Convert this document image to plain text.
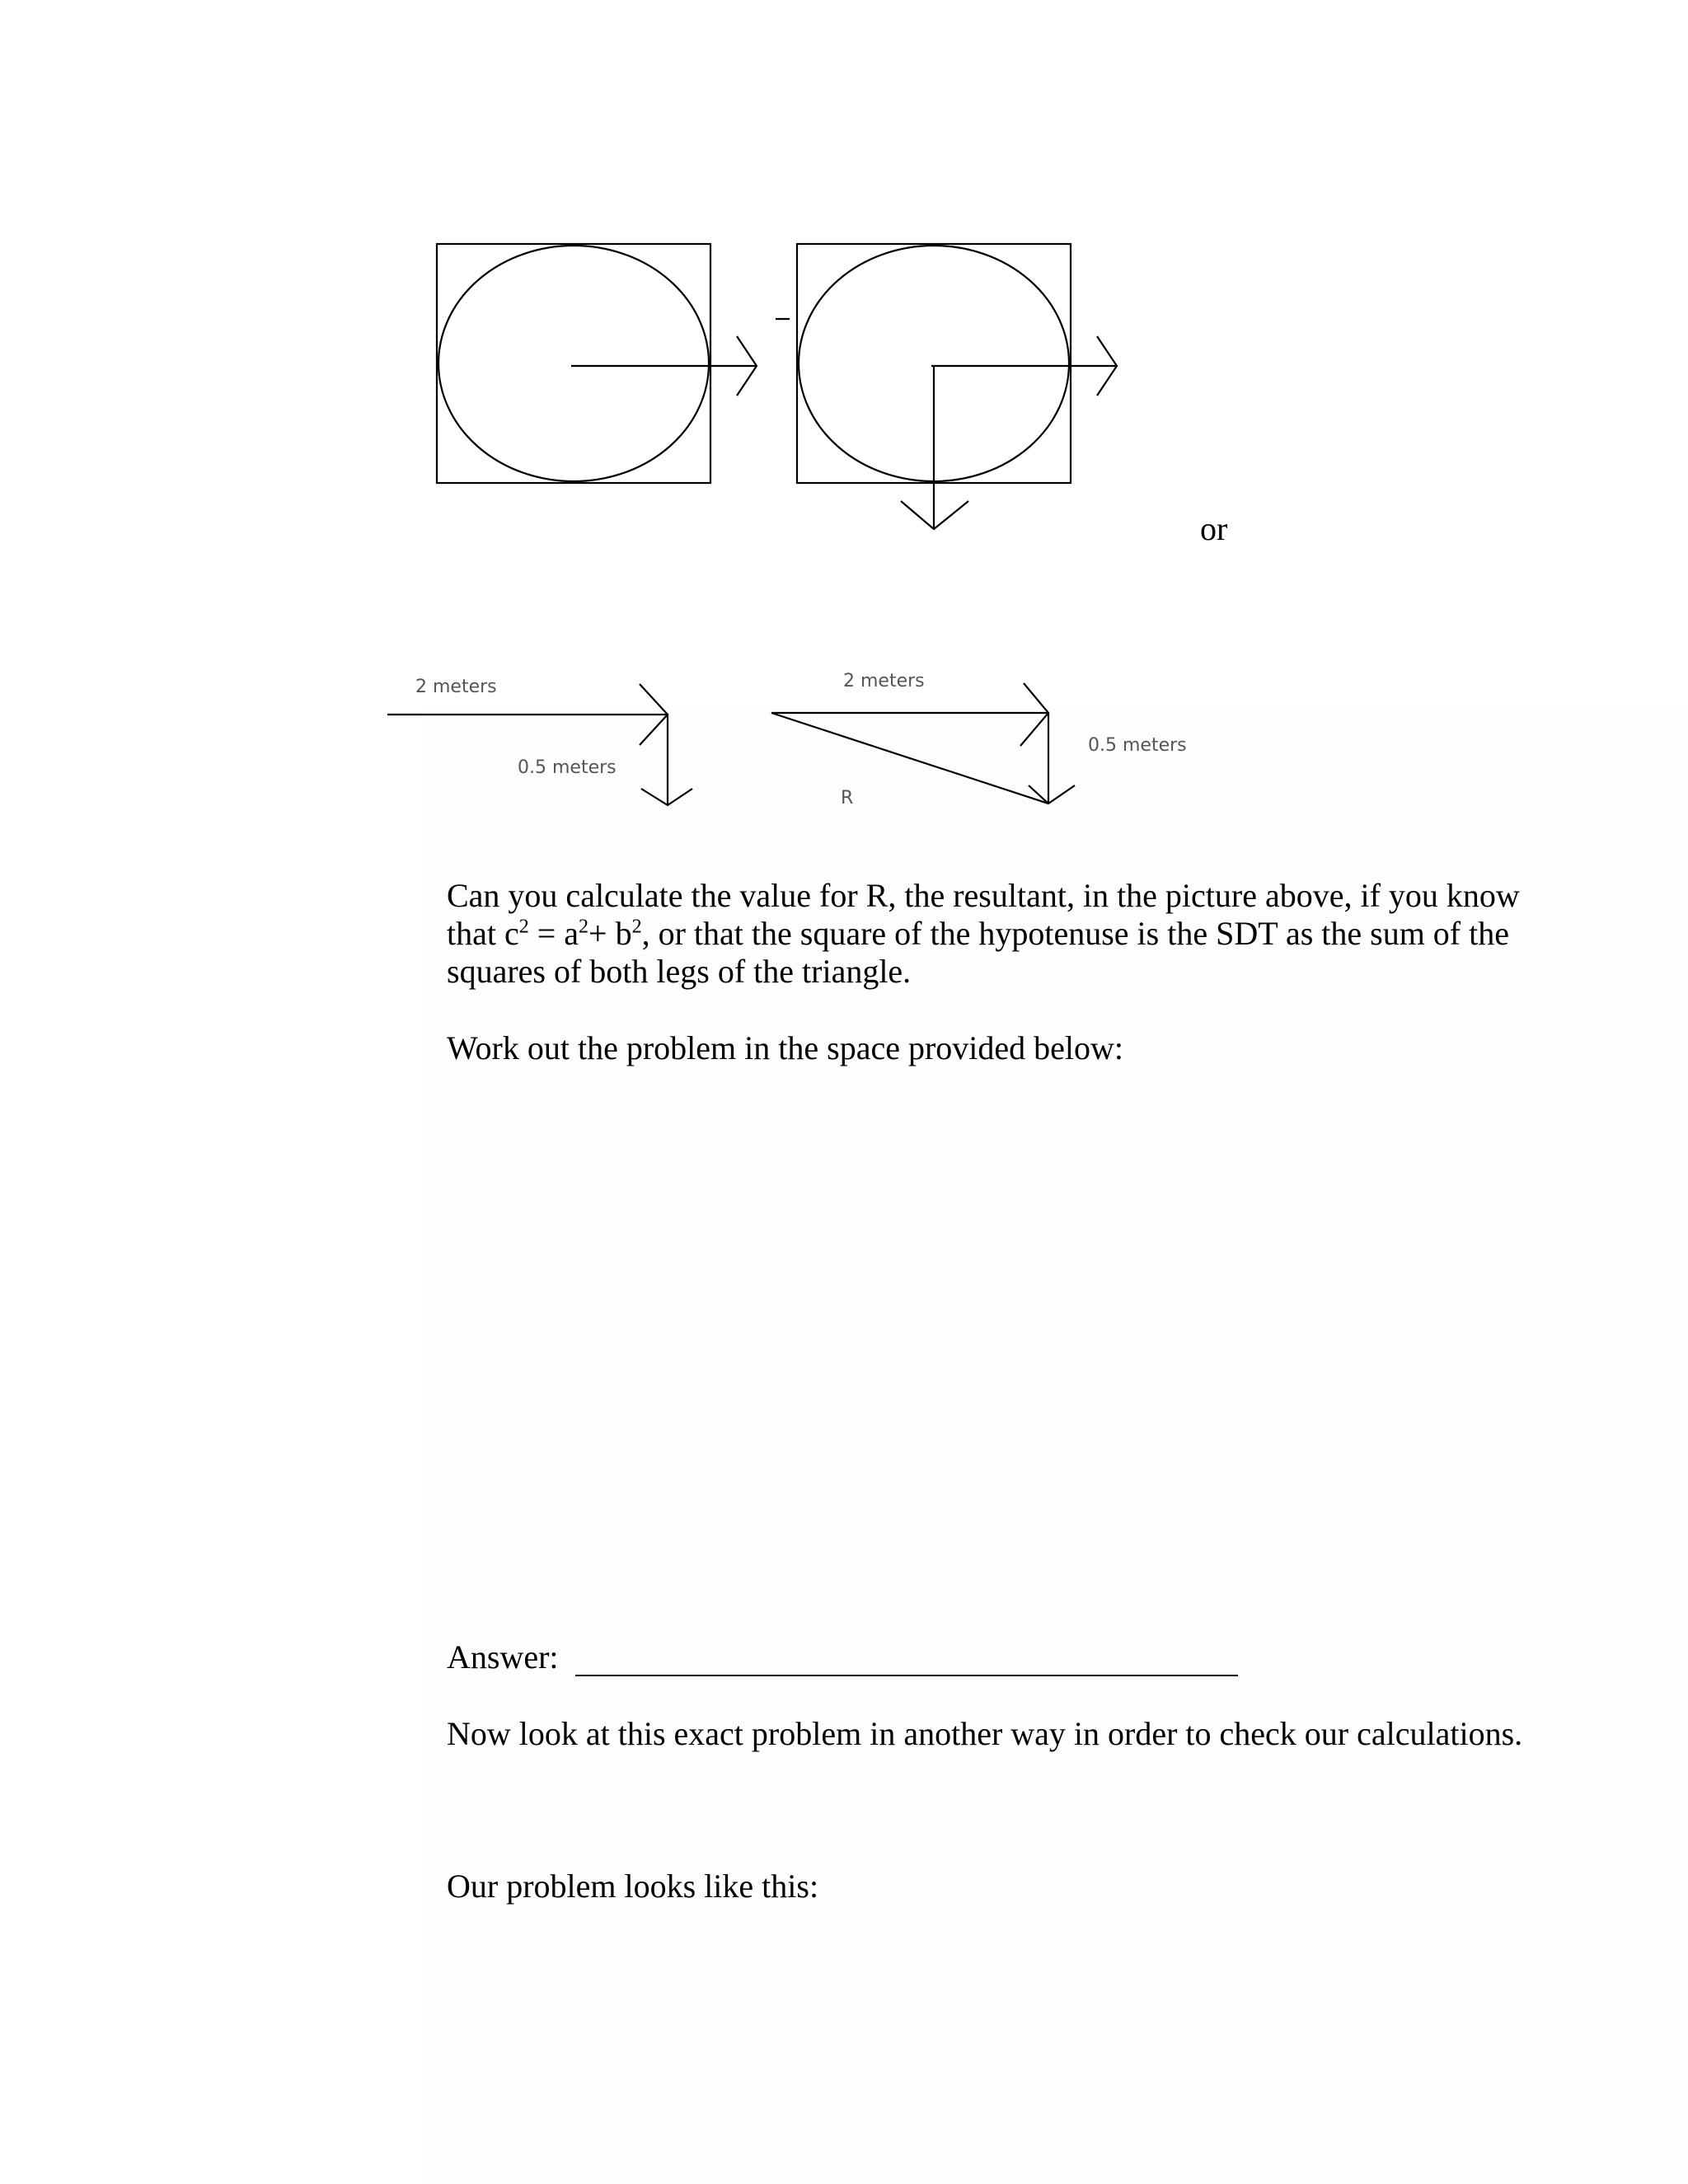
2 meters
0.5 meters
2 meters
0.5 meters
R
or

Can you calculate the value for R, the resultant, in the picture above, if you know that $c^2 = a^2+ b^2$, or that the square of the hypotenuse is the SDT as the sum of the squares of both legs of the triangle.

Work out the problem in the space provided below:

Answer:

Now look at this exact problem in another way in order to check our calculations.

Our problem looks like this:
